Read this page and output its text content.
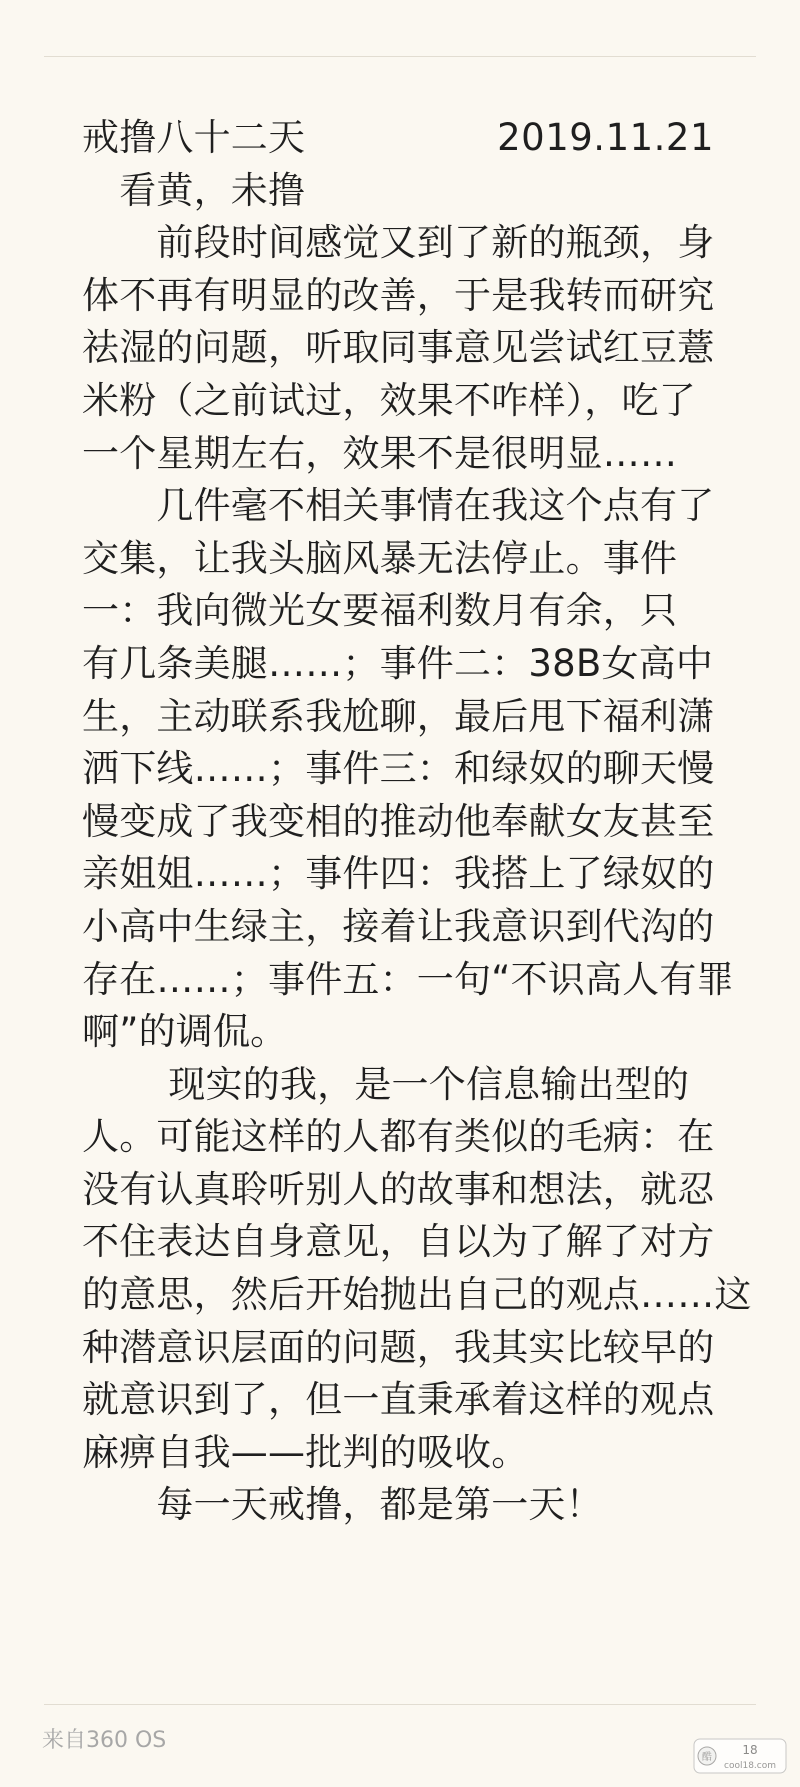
戒撸八十二天	2019.11.21
　看黄，未撸
　　前段时间感觉又到了新的瓶颈，身
体不再有明显的改善，于是我转而研究
祛湿的问题，听取同事意见尝试红豆薏
米粉（之前试过，效果不咋样），吃了
一个星期左右，效果不是很明显……
　　几件毫不相关事情在我这个点有了
交集，让我头脑风暴无法停止。事件
一：我向微光女要福利数月有余，只
有几条美腿……；事件二：38B女高中
生，主动联系我尬聊，最后甩下福利潇
洒下线……；事件三：和绿奴的聊天慢
慢变成了我变相的推动他奉献女友甚至
亲姐姐……；事件四：我搭上了绿奴的
小高中生绿主，接着让我意识到代沟的
存在……；事件五：一句“不识高人有罪
啊”的调侃。
　　 现实的我，是一个信息输出型的
人。可能这样的人都有类似的毛病：在
没有认真聆听别人的故事和想法，就忍
不住表达自身意见，自以为了解了对方
的意思，然后开始抛出自己的观点……这
种潜意识层面的问题，我其实比较早的
就意识到了，但一直秉承着这样的观点
麻痹自我——批判的吸收。
　　每一天戒撸，都是第一天！
来自360 OS
酷
18
cool18.com
